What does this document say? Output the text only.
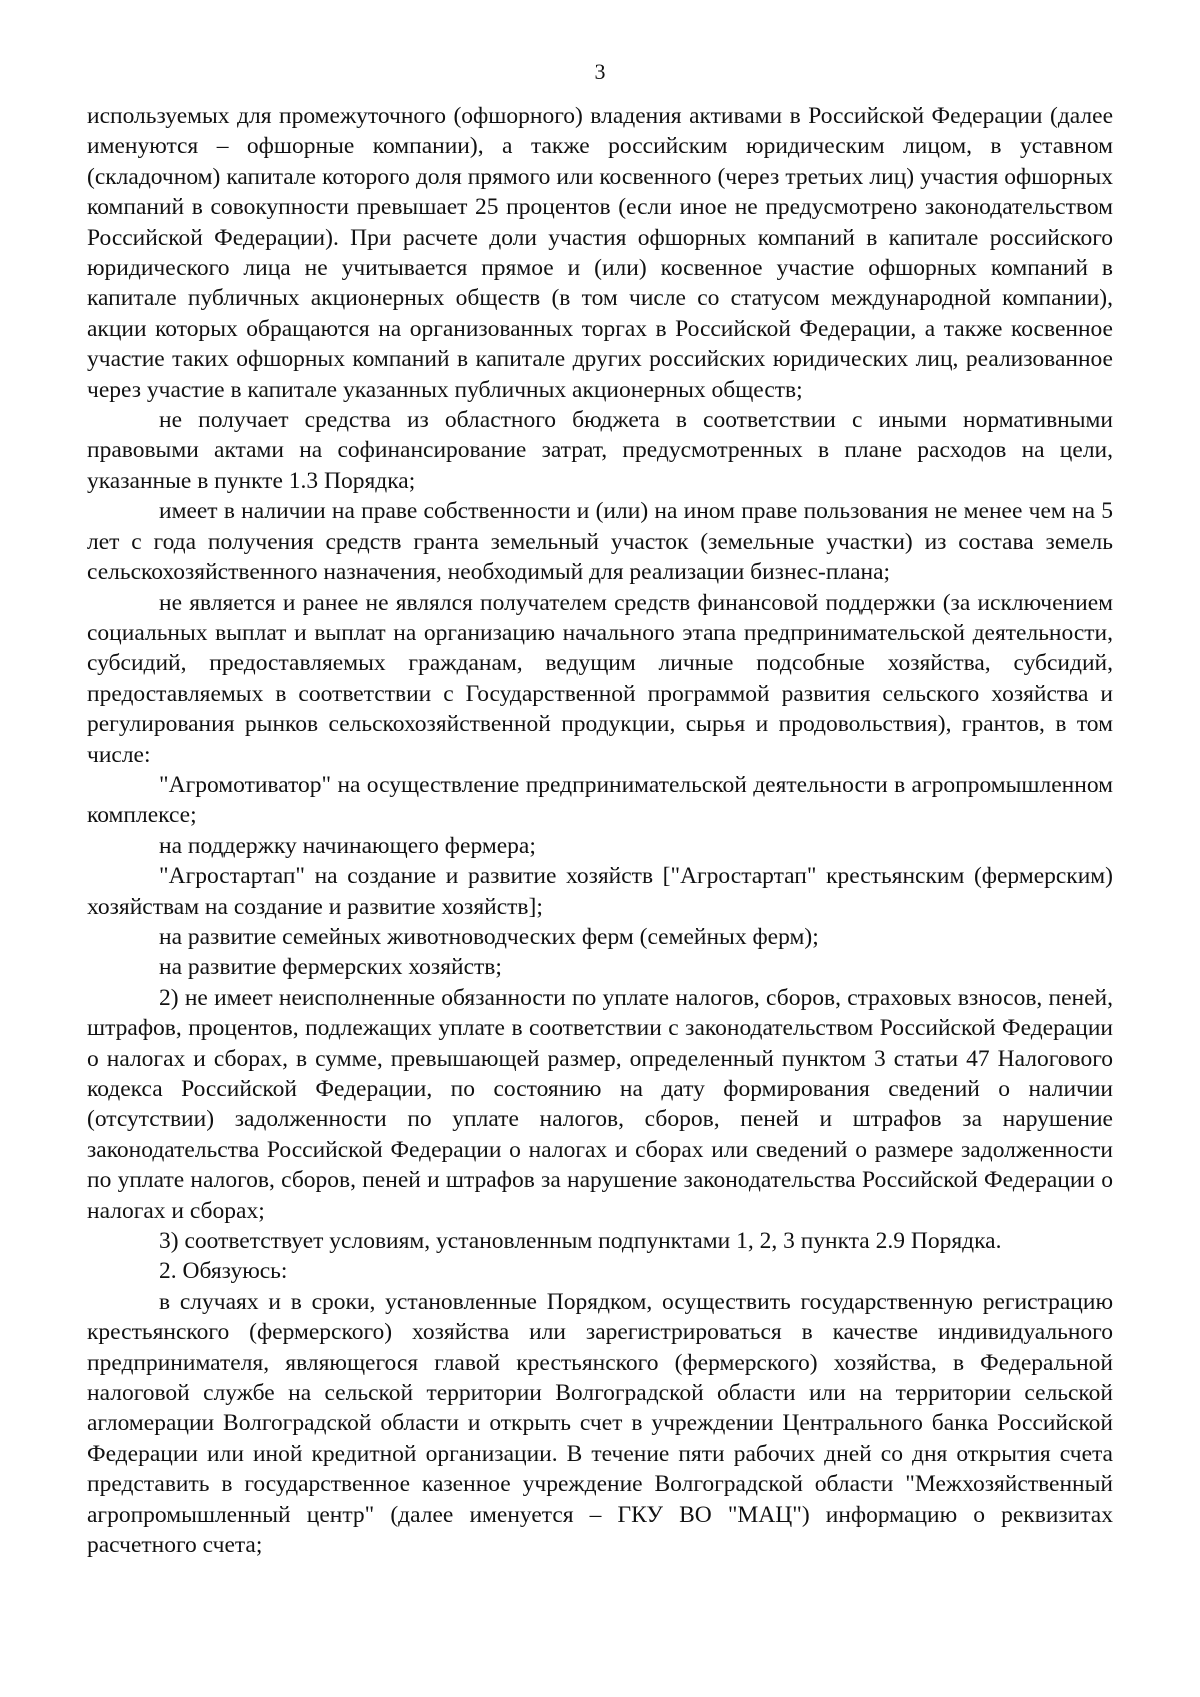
3

используемых для промежуточного (офшорного) владения активами в Российской Федерации (далее именуются – офшорные компании), а также российским юридическим лицом, в уставном (складочном) капитале которого доля прямого или косвенного (через третьих лиц) участия офшорных компаний в совокупности превышает 25 процентов (если иное не предусмотрено законодательством Российской Федерации). При расчете доли участия офшорных компаний в капитале российского юридического лица не учитывается прямое и (или) косвенное участие офшорных компаний в капитале публичных акционерных обществ (в том числе со статусом международной компании), акции которых обращаются на организованных торгах в Российской Федерации, а также косвенное участие таких офшорных компаний в капитале других российских юридических лиц, реализованное через участие в капитале указанных публичных акционерных обществ;

не получает средства из областного бюджета в соответствии с иными нормативными правовыми актами на софинансирование затрат, предусмотренных в плане расходов на цели, указанные в пункте 1.3 Порядка;

имеет в наличии на праве собственности и (или) на ином праве пользования не менее чем на 5 лет с года получения средств гранта земельный участок (земельные участки) из состава земель сельскохозяйственного назначения, необходимый для реализации бизнес-плана;

не является и ранее не являлся получателем средств финансовой поддержки (за исключением социальных выплат и выплат на организацию начального этапа предпринимательской деятельности, субсидий, предоставляемых гражданам, ведущим личные подсобные хозяйства, субсидий, предоставляемых в соответствии с Государственной программой развития сельского хозяйства и регулирования рынков сельскохозяйственной продукции, сырья и продовольствия), грантов, в том числе:

"Агромотиватор" на осуществление предпринимательской деятельности в агропромышленном комплексе;

на поддержку начинающего фермера;

"Агростартап" на создание и развитие хозяйств ["Агростартап" крестьянским (фермерским) хозяйствам на создание и развитие хозяйств];

на развитие семейных животноводческих ферм (семейных ферм);

на развитие фермерских хозяйств;

2) не имеет неисполненные обязанности по уплате налогов, сборов, страховых взносов, пеней, штрафов, процентов, подлежащих уплате в соответствии с законодательством Российской Федерации о налогах и сборах, в сумме, превышающей размер, определенный пунктом 3 статьи 47 Налогового кодекса Российской Федерации, по состоянию на дату формирования сведений о наличии (отсутствии) задолженности по уплате налогов, сборов, пеней и штрафов за нарушение законодательства Российской Федерации о налогах и сборах или сведений о размере задолженности по уплате налогов, сборов, пеней и штрафов за нарушение законодательства Российской Федерации о налогах и сборах;

3) соответствует условиям, установленным подпунктами 1, 2, 3 пункта 2.9 Порядка.

2. Обязуюсь:

в случаях и в сроки, установленные Порядком, осуществить государственную регистрацию крестьянского (фермерского) хозяйства или зарегистрироваться в качестве индивидуального предпринимателя, являющегося главой крестьянского (фермерского) хозяйства, в Федеральной налоговой службе на сельской территории Волгоградской области или на территории сельской агломерации Волгоградской области и открыть счет в учреждении Центрального банка Российской Федерации или иной кредитной организации. В течение пяти рабочих дней со дня открытия счета представить в государственное казенное учреждение Волгоградской области "Межхозяйственный агропромышленный центр" (далее именуется – ГКУ ВО "МАЦ") информацию о реквизитах расчетного счета;
